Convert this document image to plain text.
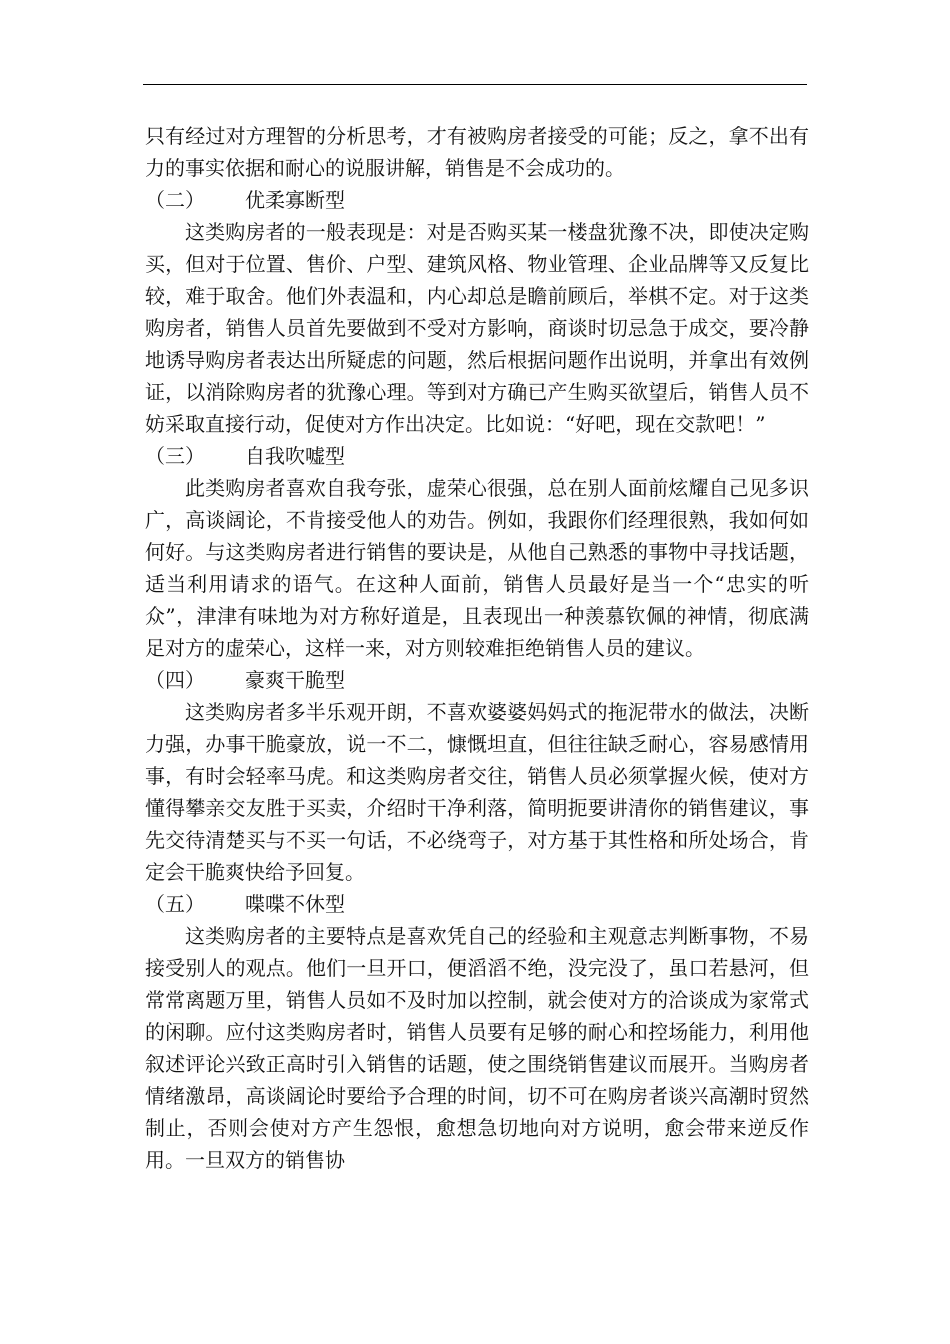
只有经过对方理智的分析思考，才有被购房者接受的可能；反之，拿不出有力的事实依据和耐心的说服讲解，销售是不会成功的。

（二） 优柔寡断型

这类购房者的一般表现是：对是否购买某一楼盘犹豫不决，即使决定购买，但对于位置、售价、户型、建筑风格、物业管理、企业品牌等又反复比较，难于取舍。他们外表温和，内心却总是瞻前顾后，举棋不定。对于这类购房者，销售人员首先要做到不受对方影响，商谈时切忌急于成交，要冷静地诱导购房者表达出所疑虑的问题，然后根据问题作出说明，并拿出有效例证，以消除购房者的犹豫心理。等到对方确已产生购买欲望后，销售人员不妨采取直接行动，促使对方作出决定。比如说：“好吧，现在交款吧！”

（三） 自我吹嘘型

此类购房者喜欢自我夸张，虚荣心很强，总在别人面前炫耀自己见多识广，高谈阔论，不肯接受他人的劝告。例如，我跟你们经理很熟，我如何如何好。与这类购房者进行销售的要诀是，从他自己熟悉的事物中寻找话题，适当利用请求的语气。在这种人面前，销售人员最好是当一个“忠实的听众”，津津有味地为对方称好道是，且表现出一种羡慕钦佩的神情，彻底满足对方的虚荣心，这样一来，对方则较难拒绝销售人员的建议。

（四） 豪爽干脆型

这类购房者多半乐观开朗，不喜欢婆婆妈妈式的拖泥带水的做法，决断力强，办事干脆豪放，说一不二，慷慨坦直，但往往缺乏耐心，容易感情用事，有时会轻率马虎。和这类购房者交往，销售人员必须掌握火候，使对方懂得攀亲交友胜于买卖，介绍时干净利落，简明扼要讲清你的销售建议，事先交待清楚买与不买一句话，不必绕弯子，对方基于其性格和所处场合，肯定会干脆爽快给予回复。

（五） 喋喋不休型

这类购房者的主要特点是喜欢凭自己的经验和主观意志判断事物，不易接受别人的观点。他们一旦开口，便滔滔不绝，没完没了，虽口若悬河，但常常离题万里，销售人员如不及时加以控制，就会使对方的洽谈成为家常式的闲聊。应付这类购房者时，销售人员要有足够的耐心和控场能力，利用他叙述评论兴致正高时引入销售的话题，使之围绕销售建议而展开。当购房者情绪激昂，高谈阔论时要给予合理的时间，切不可在购房者谈兴高潮时贸然制止，否则会使对方产生怨恨，愈想急切地向对方说明，愈会带来逆反作用。一旦双方的销售协
